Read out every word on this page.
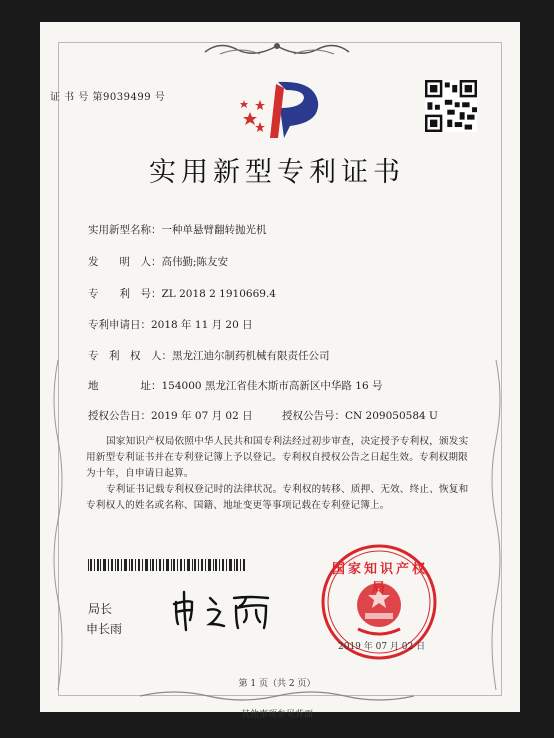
证 书 号 第9039499 号
实用新型专利证书
实用新型名称：一种单悬臂翻转抛光机
发　　明　人：高伟勤;陈友安
专　　利　号：ZL 2018 2 1910669.4
专利申请日：2018 年 11 月 20 日
专　利　权　人：黑龙江迪尔制药机械有限责任公司
地　　　　址：154000 黑龙江省佳木斯市高新区中华路 16 号
授权公告日：2019 年 07 月 02 日	授权公告号：CN 209050584 U
国家知识产权局依照中华人民共和国专利法经过初步审查，决定授予专利权，颁发实用新型专利证书并在专利登记簿上予以登记。专利权自授权公告之日起生效。专利权期限为十年，自申请日起算。
专利证书记载专利权登记时的法律状况。专利权的转移、质押、无效、终止、恢复和专利权人的姓名或名称、国籍、地址变更等事项记载在专利登记簿上。
局长
申长雨
国家知识产权局
2019 年 07 月 02 日
第 1 页（共 2 页）
其他事项参见背面
